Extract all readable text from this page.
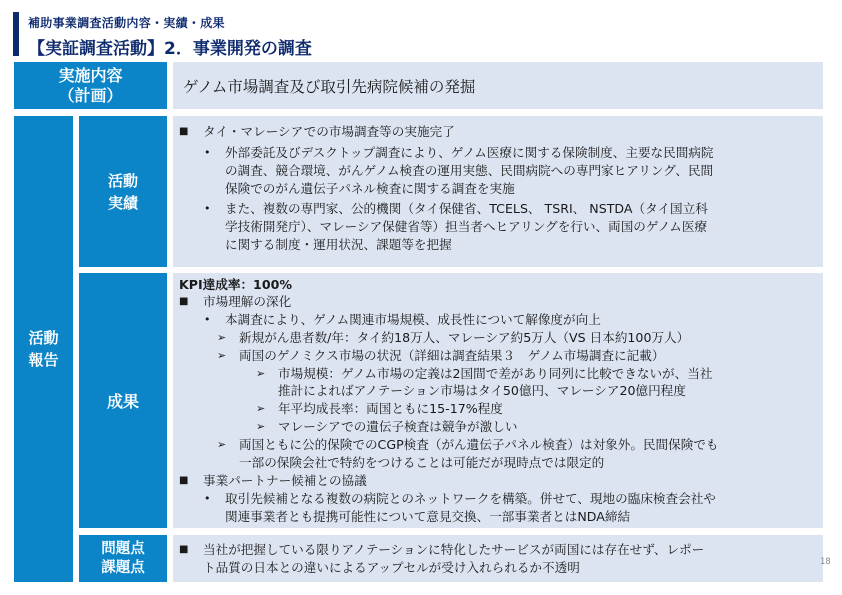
補助事業調査活動内容・実績・成果
【実証調査活動】2．事業開発の調査
実施内容
（計画）	ゲノム市場調査及び取引先病院候補の発掘
活動
報告
活動
実績
■ タイ・マレーシアでの市場調査等の実施完了
• 外部委託及びデスクトップ調査により、ゲノム医療に関する保険制度、主要な民間病院
の調査、競合環境、がんゲノム検査の運用実態、民間病院への専門家ヒアリング、民間
保険でのがん遺伝子パネル検査に関する調査を実施
• また、複数の専門家、公的機関（タイ保健省、TCELS、 TSRI、 NSTDA（タイ国立科
学技術開発庁）、マレーシア保健省等）担当者へヒアリングを行い、両国のゲノム医療
に関する制度・運用状況、課題等を把握
成果
KPI達成率：100%
■ 市場理解の深化
• 本調査により、ゲノム関連市場規模、成長性について解像度が向上
➢ 新規がん患者数/年：タイ約18万人、マレーシア約5万人（VS 日本約100万人）
➢ 両国のゲノミクス市場の状況（詳細は調査結果３　ゲノム市場調査に記載）
➢ 市場規模：ゲノム市場の定義は2国間で差があり同列に比較できないが、当社
推計によればアノテーション市場はタイ50億円、マレーシア20億円程度
➢ 年平均成長率：両国ともに15-17%程度
➢ マレーシアでの遺伝子検査は競争が激しい
➢ 両国ともに公的保険でのCGP検査（がん遺伝子パネル検査）は対象外。民間保険でも
一部の保険会社で特約をつけることは可能だが現時点では限定的
■ 事業パートナー候補との協議
• 取引先候補となる複数の病院とのネットワークを構築。併せて、現地の臨床検査会社や
関連事業者とも提携可能性について意見交換、一部事業者とはNDA締結
問題点
課題点
■ 当社が把握している限りアノテーションに特化したサービスが両国には存在せず、レポー
ト品質の日本との違いによるアップセルが受け入れられるか不透明	18
